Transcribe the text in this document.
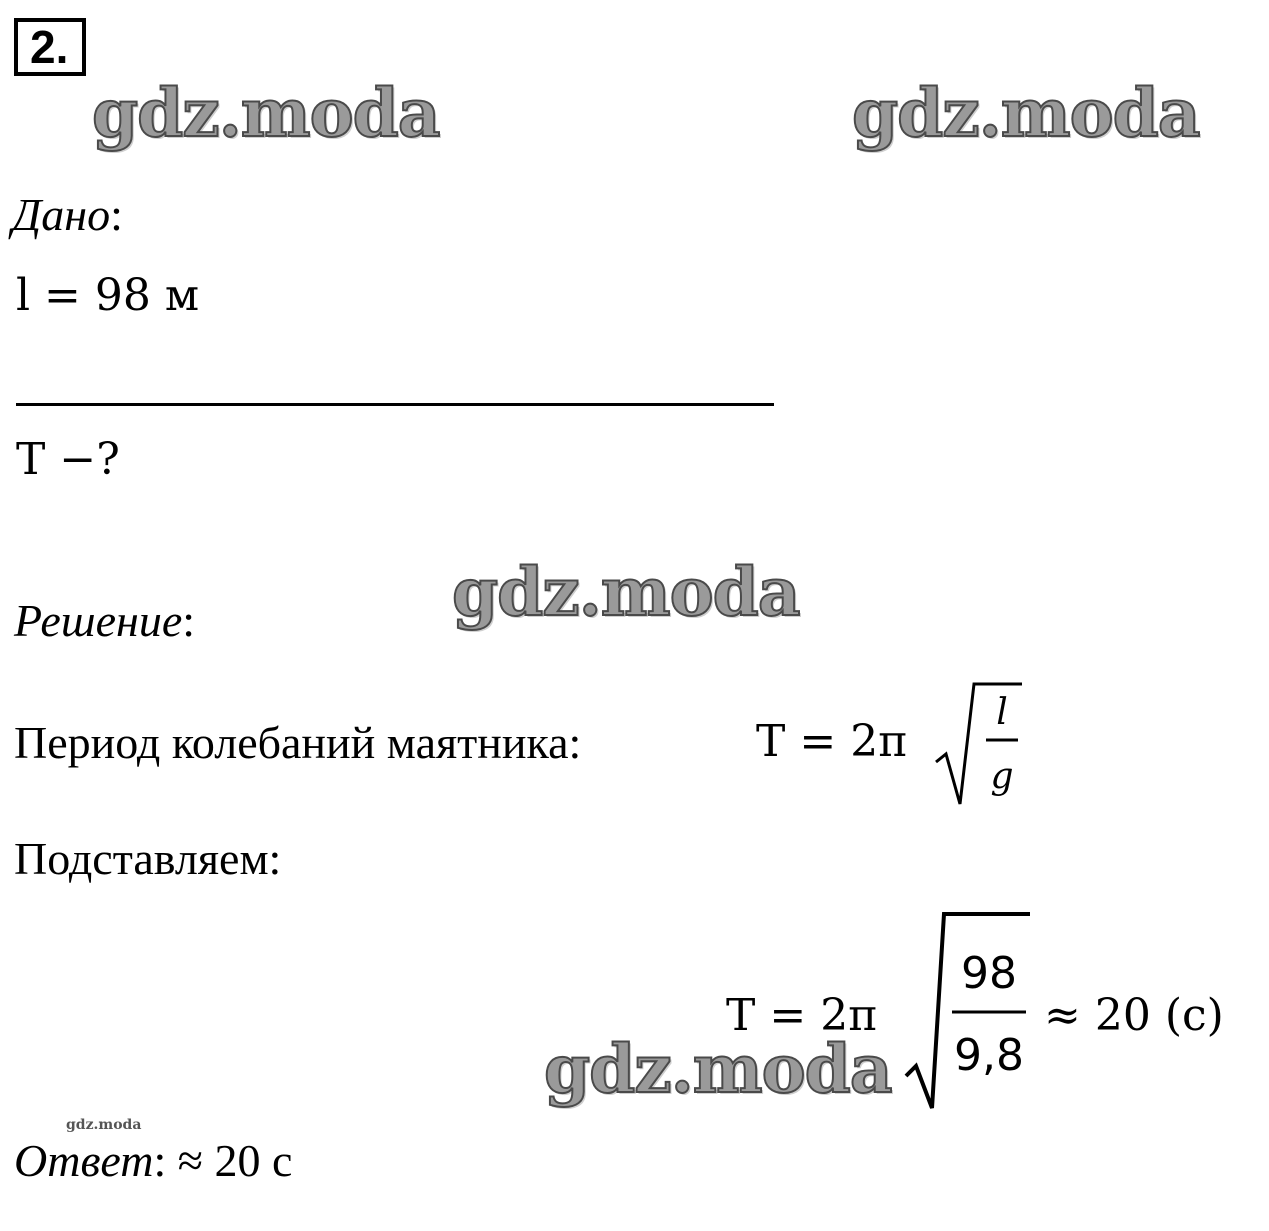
2.
gdz.moda	gdz.moda
gdz.moda
gdz.moda
gdz.moda
Дано:
l = 98 м
T −?
Решение:
Период колебаний маятника:	T = 2π
l
g
Подставляем:
T = 2π
98
9,8
≈ 20 (с)
Ответ: ≈ 20 с
